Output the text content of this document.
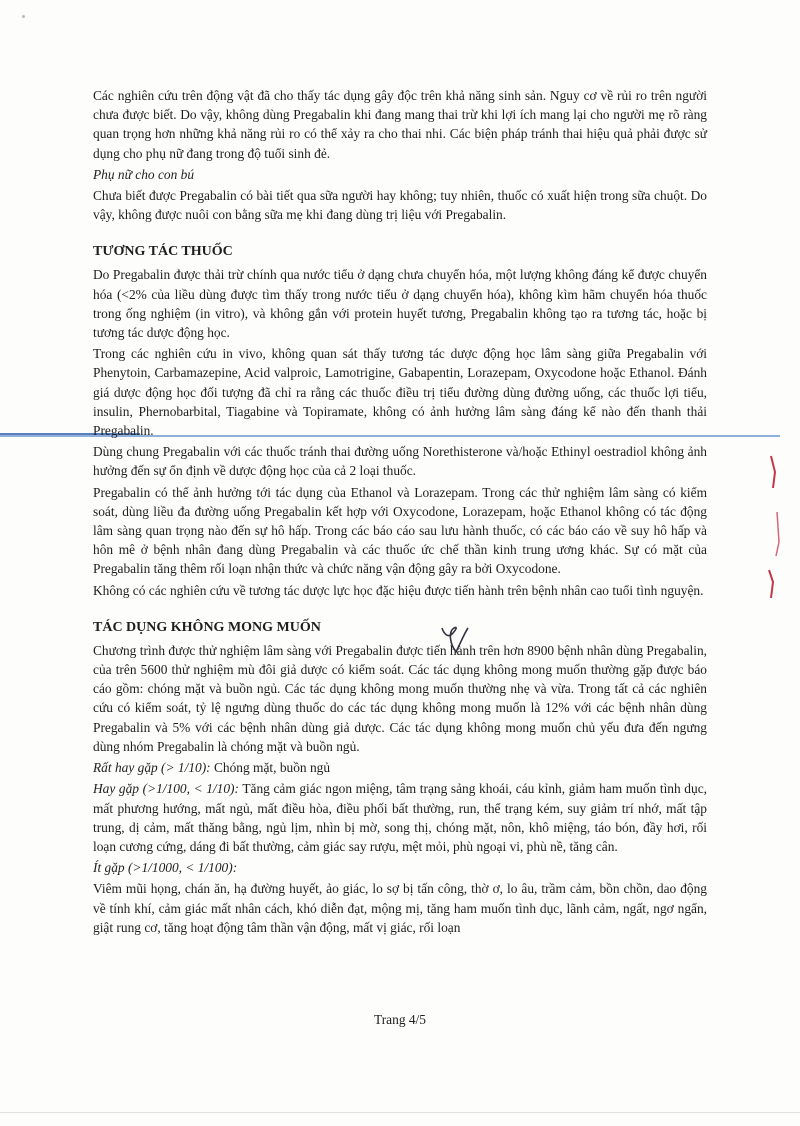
Các nghiên cứu trên động vật đã cho thấy tác dụng gây độc trên khả năng sinh sản. Nguy cơ về rủi ro trên người chưa được biết. Do vậy, không dùng Pregabalin khi đang mang thai trừ khi lợi ích mang lại cho người mẹ rõ ràng quan trọng hơn những khả năng rủi ro có thể xảy ra cho thai nhi. Các biện pháp tránh thai hiệu quả phải được sử dụng cho phụ nữ đang trong độ tuổi sinh đẻ.

Phụ nữ cho con bú

Chưa biết được Pregabalin có bài tiết qua sữa người hay không; tuy nhiên, thuốc có xuất hiện trong sữa chuột. Do vậy, không được nuôi con bằng sữa mẹ khi đang dùng trị liệu với Pregabalin.

TƯƠNG TÁC THUỐC

Do Pregabalin được thải trừ chính qua nước tiểu ở dạng chưa chuyển hóa, một lượng không đáng kể được chuyển hóa (<2% của liều dùng được tìm thấy trong nước tiểu ở dạng chuyển hóa), không kìm hãm chuyển hóa thuốc trong ống nghiệm (in vitro), và không gắn với protein huyết tương, Pregabalin không tạo ra tương tác, hoặc bị tương tác dược động học.

Trong các nghiên cứu in vivo, không quan sát thấy tương tác dược động học lâm sàng giữa Pregabalin với Phenytoin, Carbamazepine, Acid valproic, Lamotrigine, Gabapentin, Lorazepam, Oxycodone hoặc Ethanol. Đánh giá dược động học đối tượng đã chỉ ra rằng các thuốc điều trị tiểu đường dùng đường uống, các thuốc lợi tiểu, insulin, Phernobarbital, Tiagabine và Topiramate, không có ảnh hưởng lâm sàng đáng kể nào đến thanh thải Pregabalin.

Dùng chung Pregabalin với các thuốc tránh thai đường uống Norethisterone và/hoặc Ethinyl oestradiol không ảnh hưởng đến sự ổn định về dược động học của cả 2 loại thuốc.

Pregabalin có thể ảnh hưởng tới tác dụng của Ethanol và Lorazepam. Trong các thử nghiệm lâm sàng có kiểm soát, dùng liều đa đường uống Pregabalin kết hợp với Oxycodone, Lorazepam, hoặc Ethanol không có tác động lâm sàng quan trọng nào đến sự hô hấp. Trong các báo cáo sau lưu hành thuốc, có các báo cáo về suy hô hấp và hôn mê ở bệnh nhân đang dùng Pregabalin và các thuốc ức chế thần kinh trung ương khác. Sự có mặt của Pregabalin tăng thêm rối loạn nhận thức và chức năng vận động gây ra bởi Oxycodone.

Không có các nghiên cứu về tương tác dược lực học đặc hiệu được tiến hành trên bệnh nhân cao tuổi tình nguyện.

TÁC DỤNG KHÔNG MONG MUỐN

Chương trình được thử nghiệm lâm sàng với Pregabalin được tiến hành trên hơn 8900 bệnh nhân dùng Pregabalin, của trên 5600 thử nghiệm mù đôi giả dược có kiểm soát. Các tác dụng không mong muốn thường gặp được báo cáo gồm: chóng mặt và buồn ngủ. Các tác dụng không mong muốn thường nhẹ và vừa. Trong tất cả các nghiên cứu có kiểm soát, tỷ lệ ngưng dùng thuốc do các tác dụng không mong muốn là 12% với các bệnh nhân dùng Pregabalin và 5% với các bệnh nhân dùng giả dược. Các tác dụng không mong muốn chủ yếu đưa đến ngưng dùng nhóm Pregabalin là chóng mặt và buồn ngủ.

Rất hay gặp (> 1/10): Chóng mặt, buồn ngủ

Hay gặp (>1/100, < 1/10): Tăng cảm giác ngon miệng, tâm trạng sảng khoái, cáu kỉnh, giảm ham muốn tình dục, mất phương hướng, mất ngủ, mất điều hòa, điều phối bất thường, run, thể trạng kém, suy giảm trí nhớ, mất tập trung, dị cảm, mất thăng bằng, ngủ lịm, nhìn bị mờ, song thị, chóng mặt, nôn, khô miệng, táo bón, đầy hơi, rối loạn cương cứng, dáng đi bất thường, cảm giác say rượu, mệt mỏi, phù ngoại vi, phù nề, tăng cân.

Ít gặp (>1/1000, < 1/100):

Viêm mũi họng, chán ăn, hạ đường huyết, ảo giác, lo sợ bị tấn công, thờ ơ, lo âu, trầm cảm, bồn chồn, dao động về tính khí, cảm giác mất nhân cách, khó diễn đạt, mộng mị, tăng ham muốn tình dục, lãnh cảm, ngất, ngơ ngẩn, giật rung cơ, tăng hoạt động tâm thần vận động, mất vị giác, rối loạn

Trang 4/5
